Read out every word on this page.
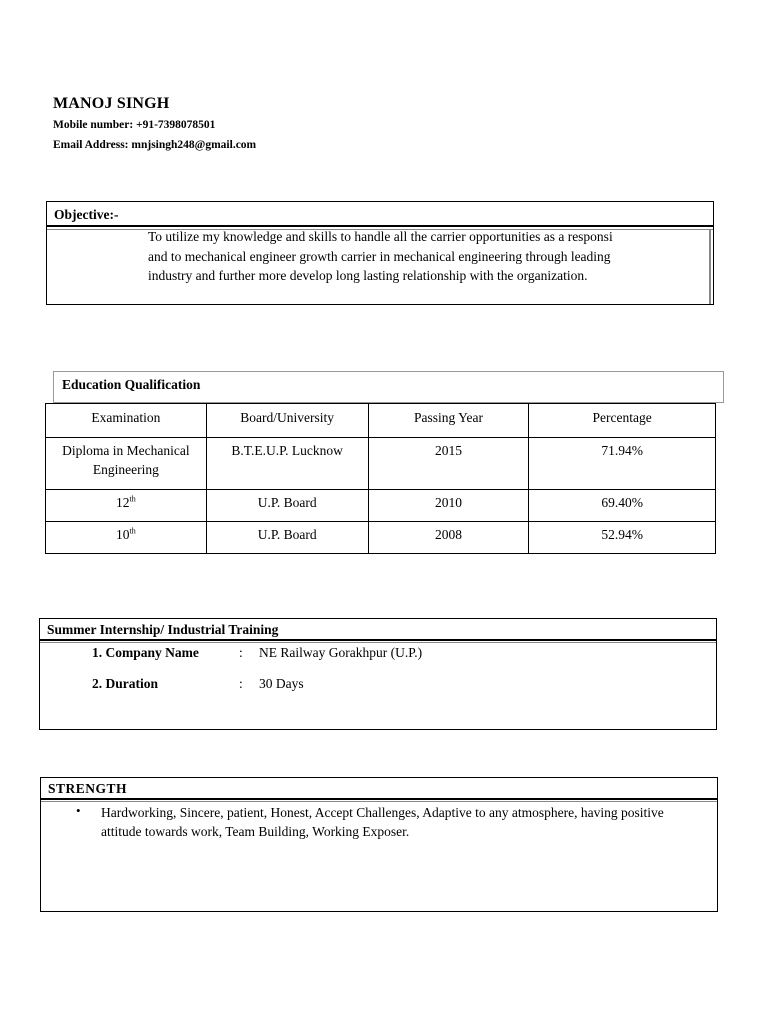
MANOJ SINGH
Mobile number: +91-7398078501
Email Address: mnjsingh248@gmail.com
Objective:-
To utilize my knowledge and skills to handle all the carrier opportunities as a responsi
and to mechanical engineer growth carrier in mechanical engineering through leading
industry and further more develop long lasting relationship with the organization.
Education Qualification
Examination	Board/University	Passing Year	Percentage
Diploma in Mechanical
Engineering	B.T.E.U.P. Lucknow	2015	71.94%
12th	U.P. Board	2010	69.40%
10th	U.P. Board	2008	52.94%
Summer Internship/ Industrial Training
1. Company Name	: NE Railway Gorakhpur (U.P.)
2. Duration	: 30 Days
STRENGTH
• Hardworking, Sincere, patient, Honest, Accept Challenges, Adaptive to any atmosphere, having positive attitude towards work, Team Building, Working Exposer.
